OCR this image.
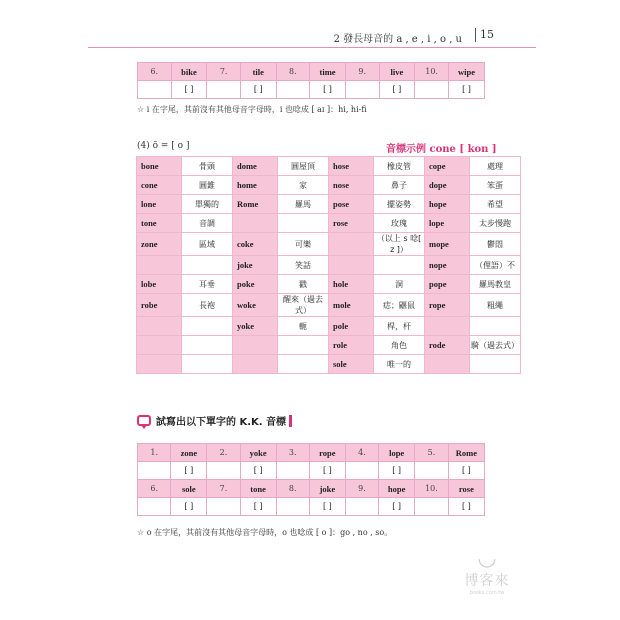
2 發長母音的 a , e , i , o , u 15
6.	bike	7.	tile	8.	time	9.	live	10.	wipe
	[ ]		[ ]		[ ]		[ ]		[ ]
☆ i 在字尾，其前沒有其他母音字母時，i 也唸成 [ aɪ ]：hi, hi-fi
(4) ō = [ o ]	音標示例 cone [ kon ]
bone	骨頭	dome	圓屋頂	hose	橡皮管	cope	處理
cone	圓錐	home	家	nose	鼻子	dope	笨蛋
lone	單獨的	Rome	羅馬	pose	擺姿勢	hope	希望
tone	音調			rose	玫瑰	lope	太步慢跑
zone	區域	coke	可樂		（以上 s 唸[ z ]）	mope	鬱悶
		joke	笑話			nope	（俚語）不
lobe	耳垂	poke	戳	hole	洞	pope	羅馬教皇
robe	長袍	woke	醒來（過去式）	mole	痣；鼴鼠	rope	粗繩
		yoke	軛	pole	桿，杆		
				role	角色	rode	騎（過去式）
				sole	唯一的		
試寫出以下單字的 K.K. 音標
1.	zone	2.	yoke	3.	rope	4.	lope	5.	Rome
	[ ]		[ ]		[ ]		[ ]		[ ]
6.	sole	7.	tone	8.	joke	9.	hope	10.	rose
	[ ]		[ ]		[ ]		[ ]		[ ]
☆ o 在字尾，其前沒有其他母音字母時，o 也唸成 [ o ]：go , no , so。
◡
博客來
books.com.tw
